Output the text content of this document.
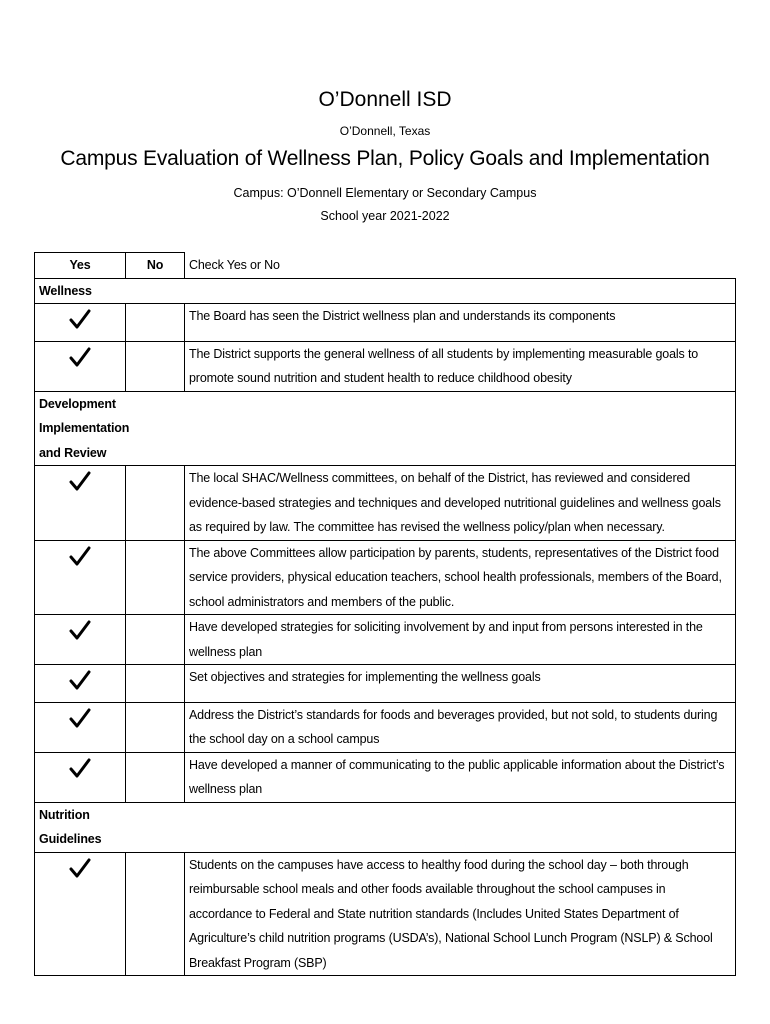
O’Donnell ISD
O’Donnell, Texas
Campus Evaluation of Wellness Plan, Policy Goals and Implementation
Campus: O’Donnell Elementary or Secondary Campus
School year 2021-2022
Yes	No	Check Yes or No

Wellness		

		The Board has seen the District wellness plan and understands its components

		The District supports the general wellness of all students by implementing measurable goals to promote sound nutrition and student health to reduce childhood obesity

Development Implementation and Review		

		The local SHAC/Wellness committees, on behalf of the District, has reviewed and considered evidence-based strategies and techniques and developed nutritional guidelines and wellness goals as required by law. The committee has revised the wellness policy/plan when necessary.

		The above Committees allow participation by parents, students, representatives of the District food service providers, physical education teachers, school health professionals, members of the Board, school administrators and members of the public.

		Have developed strategies for soliciting involvement by and input from persons interested in the wellness plan

		Set objectives and strategies for implementing the wellness goals

		Address the District’s standards for foods and beverages provided, but not sold, to students during the school day on a school campus

		Have developed a manner of communicating to the public applicable information about the District’s wellness plan

Nutrition Guidelines		

		Students on the campuses have access to healthy food during the school day – both through reimbursable school meals and other foods available throughout the school campuses in accordance to Federal and State nutrition standards (Includes United States Department of Agriculture’s child nutrition programs (USDA’s), National School Lunch Program (NSLP) & School Breakfast Program (SBP)
